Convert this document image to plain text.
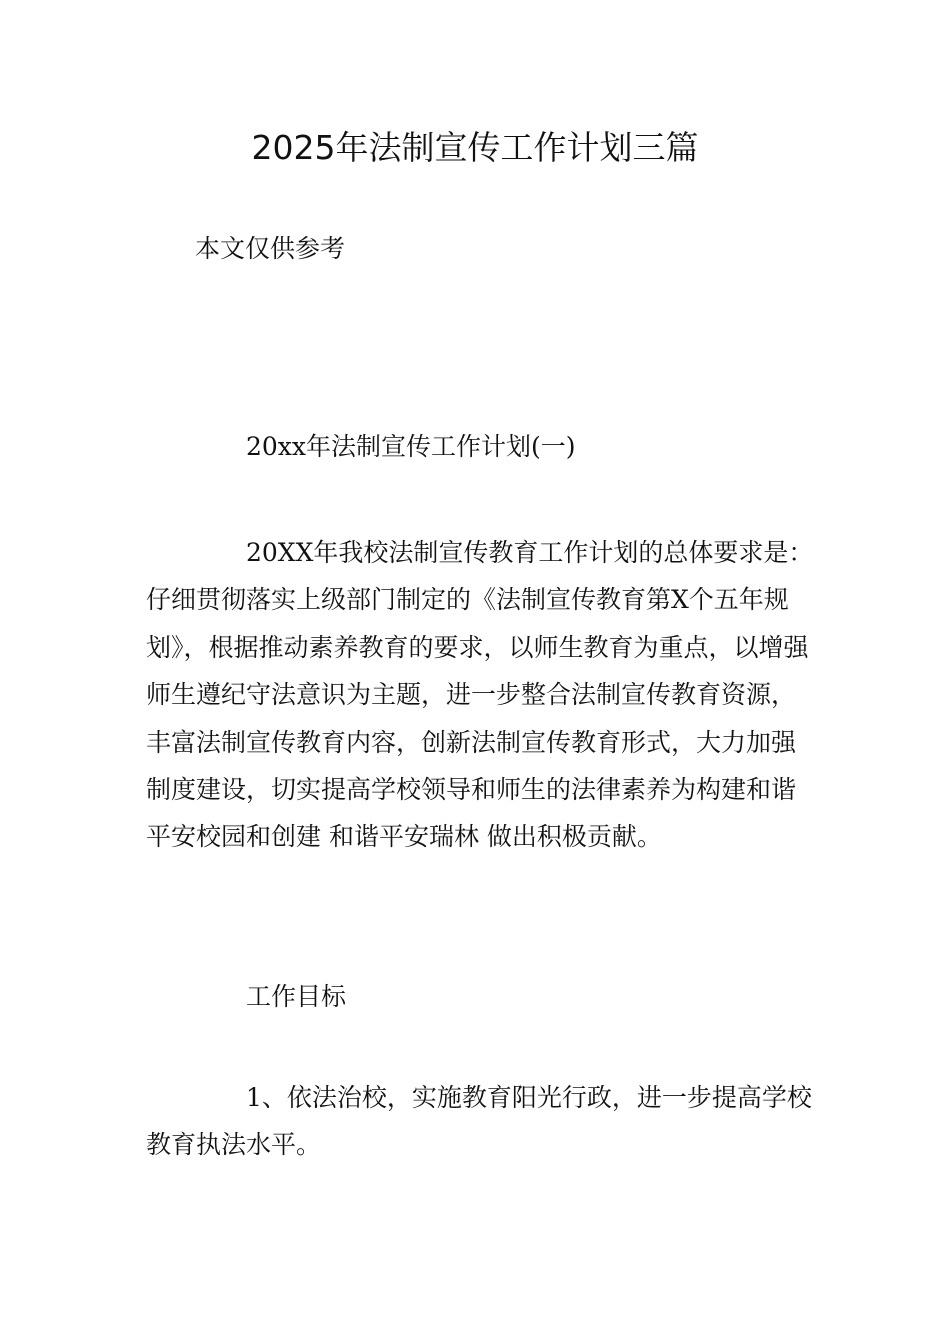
2025年法制宣传工作计划三篇

本文仅供参考

20xx年法制宣传工作计划(一)

20XX年我校法制宣传教育工作计划的总体要求是：仔细贯彻落实上级部门制定的《法制宣传教育第X个五年规划》，根据推动素养教育的要求，以师生教育为重点，以增强师生遵纪守法意识为主题，进一步整合法制宣传教育资源，丰富法制宣传教育内容，创新法制宣传教育形式，大力加强制度建设，切实提高学校领导和师生的法律素养为构建和谐平安校园和创建 和谐平安瑞林 做出积极贡献。

工作目标

1、依法治校，实施教育阳光行政，进一步提高学校教育执法水平。
